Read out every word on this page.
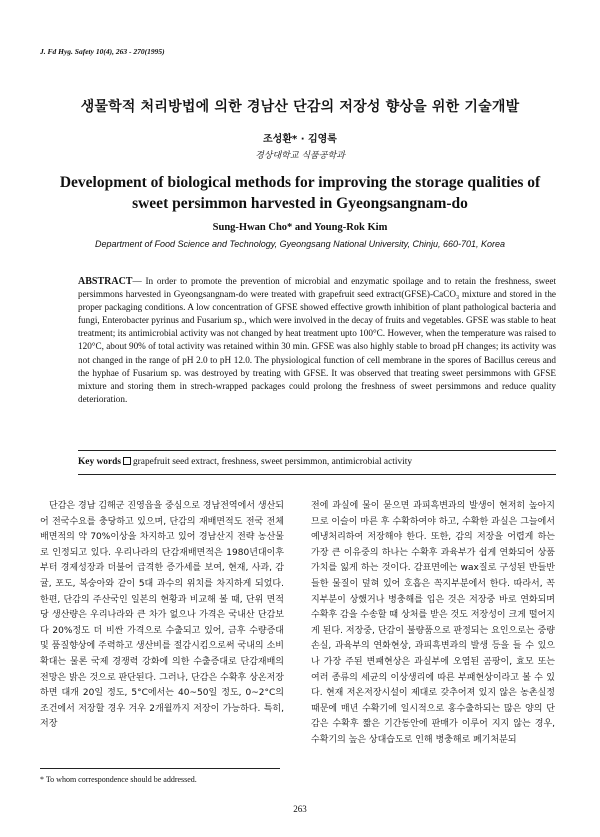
J. Fd Hyg. Safety 10(4), 263 - 270(1995)
생물학적 처리방법에 의한 경남산 단감의 저장성 향상을 위한 기술개발
조성환* · 김영록
경상대학교 식품공학과
Development of biological methods for improving the storage qualities of
sweet persimmon harvested in Gyeongsangnam-do
Sung-Hwan Cho* and Young-Rok Kim
Department of Food Science and Technology, Gyeongsang National University, Chinju, 660-701, Korea
ABSTRACT— In order to promote the prevention of microbial and enzymatic spoilage and to retain the freshness, sweet persimmons harvested in Gyeongsangnam-do were treated with grapefruit seed extract(GFSE)-CaCO₃ mixture and stored in the proper packaging conditions. A low concentration of GFSE showed effective growth inhibition of plant pathological bacteria and fungi, Enterobacter pyrinus and Fusarium sp., which were involved in the decay of fruits and vegetables. GFSE was stable to heat treatment; its antimicrobial activity was not changed by heat treatment upto 100°C. However, when the temperature was raised to 120°C, about 90% of total activity was retained within 30 min. GFSE was also highly stable to broad pH changes; its activity was not changed in the range of pH 2.0 to pH 12.0. The physiological function of cell membrane in the spores of Bacillus cereus and the hyphae of Fusarium sp. was destroyed by treating with GFSE. It was observed that treating sweet persimmons with GFSE mixture and storing them in strech-wrapped packages could prolong the freshness of sweet persimmons and reduce quality deterioration.
Key words grapefruit seed extract, freshness, sweet persimmon, antimicrobial activity
단감은 경남 김해군 진영읍을 중심으로 경남전역에서 생산되어 전국수요를 충당하고 있으며, 단감의 재배면적도 전국 전체배면적의 약 70%이상을 차지하고 있어 경남산지 전략 농산물로 인정되고 있다. 우리나라의 단감재배면적은 1980년대이후부터 경제성장과 더불어 급격한 증가세를 보여, 현재, 사과, 감귤, 포도, 복숭아와 같이 5대 과수의 위치를 차지하게 되었다. 한편, 단감의 주산국인 일본의 현황과 비교해 볼 때, 단위 면적당 생산량은 우리나라와 큰 차가 없으나 가격은 국내산 단감보다 20%정도 더 비싼 가격으로 수출되고 있어, 금후 수량증대 및 품질향상에 주력하고 생산비를 절감시킴으로써 국내의 소비확대는 물론 국제 경쟁력 강화에 의한 수출증대로 단감재배의 전망은 밝은 것으로 판단된다. 그러나, 단감은 수확후 상온저장하면 대개 20일 정도, 5°C에서는 40~50일 정도, 0~2°C의 조건에서 저장할 경우 겨우 2개월까지 저장이 가능하다. 특히, 저장
전에 과실에 물이 묻으면 과피흑변과의 발생이 현저히 높아지므로 이슬이 마른 후 수확하여야 하고, 수확한 과실은 그늘에서 예냉처리하여 저장해야 한다. 또한, 감의 저장을 어렵게 하는 가장 큰 이유중의 하나는 수확후 과육부가 쉽게 연화되어 상품가치를 잃게 하는 것이다. 감표면에는 wax질로 구성된 반들반들한 물질이 덮혀 있어 호흡은 꼭지부분에서 한다. 따라서, 꼭지부분이 상했거나 병충해를 입은 것은 저장중 바로 연화되며 수확후 감을 수송할 때 상처를 받은 것도 저장성이 크게 떨어지게 된다. 저장중, 단감이 불량품으로 판정되는 요인으로는 중량손실, 과육부의 연화현상, 과피흑변과의 발생 등을 들 수 있으나 가장 주된 변패현상은 과실부에 오염된 곰팡이, 효모 또는 여러 종류의 세균의 이상생리에 따른 부패현상이라고 볼 수 있다. 현재 저온저장시설이 제대로 갖추어져 있지 않은 농촌실정때문에 매년 수확기에 일시적으로 홍수출하되는 많은 양의 단감은 수확후 짧은 기간동안에 판매가 이루어 지지 않는 경우, 수확기의 높은 상대습도로 인해 병충해로 폐기처분되
* To whom correspondence should be addressed.
263
